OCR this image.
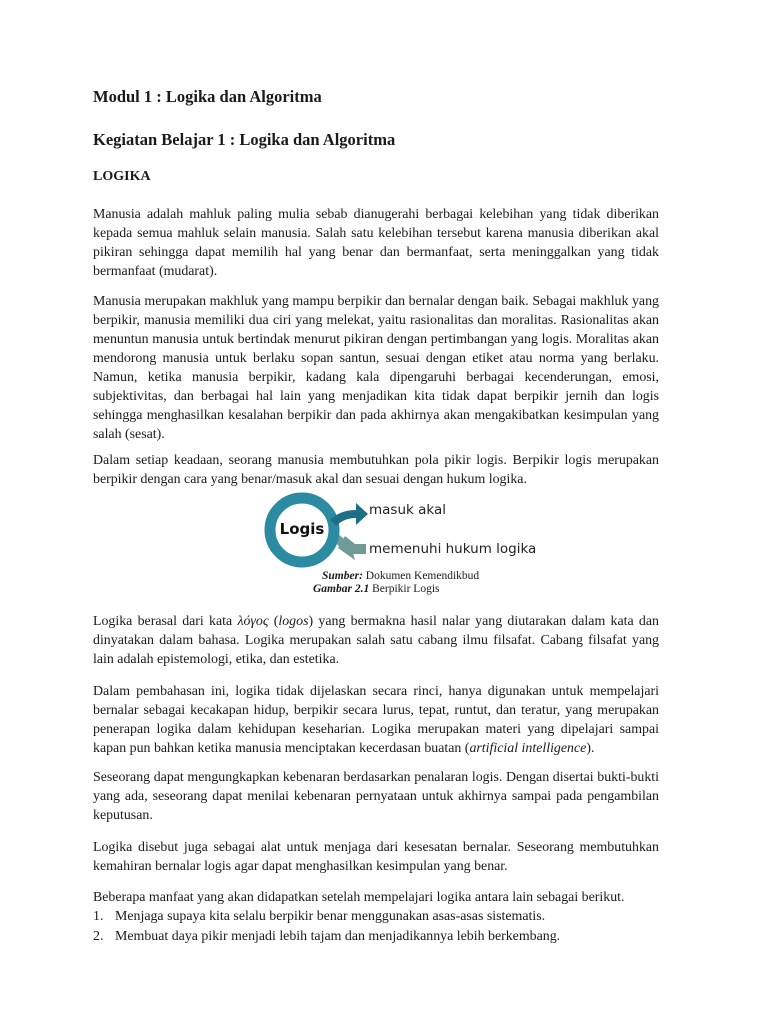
Modul 1 : Logika dan Algoritma
Kegiatan Belajar 1 : Logika dan Algoritma
LOGIKA

Manusia adalah mahluk paling mulia sebab dianugerahi berbagai kelebihan yang tidak diberikan kepada semua mahluk selain manusia. Salah satu kelebihan tersebut karena manusia diberikan akal pikiran sehingga dapat memilih hal yang benar dan bermanfaat, serta meninggalkan yang tidak bermanfaat (mudarat).

Manusia merupakan makhluk yang mampu berpikir dan bernalar dengan baik. Sebagai makhluk yang berpikir, manusia memiliki dua ciri yang melekat, yaitu rasionalitas dan moralitas. Rasionalitas akan menuntun manusia untuk bertindak menurut pikiran dengan pertimbangan yang logis. Moralitas akan mendorong manusia untuk berlaku sopan santun, sesuai dengan etiket atau norma yang berlaku. Namun, ketika manusia berpikir, kadang kala dipengaruhi berbagai kecenderungan, emosi, subjektivitas, dan berbagai hal lain yang menjadikan kita tidak dapat berpikir jernih dan logis sehingga menghasilkan kesalahan berpikir dan pada akhirnya akan mengakibatkan kesimpulan yang salah (sesat).

Dalam setiap keadaan, seorang manusia membutuhkan pola pikir logis. Berpikir logis merupakan berpikir dengan cara yang benar/masuk akal dan sesuai dengan hukum logika.

Logika berasal dari kata λόγος (logos) yang bermakna hasil nalar yang diutarakan dalam kata dan dinyatakan dalam bahasa. Logika merupakan salah satu cabang ilmu filsafat. Cabang filsafat yang lain adalah epistemologi, etika, dan estetika.

Dalam pembahasan ini, logika tidak dijelaskan secara rinci, hanya digunakan untuk mempelajari bernalar sebagai kecakapan hidup, berpikir secara lurus, tepat, runtut, dan teratur, yang merupakan penerapan logika dalam kehidupan keseharian. Logika merupakan materi yang dipelajari sampai kapan pun bahkan ketika manusia menciptakan kecerdasan buatan (artificial intelligence).

Seseorang dapat mengungkapkan kebenaran berdasarkan penalaran logis. Dengan disertai bukti-bukti yang ada, seseorang dapat menilai kebenaran pernyataan untuk akhirnya sampai pada pengambilan keputusan.

Logika disebut juga sebagai alat untuk menjaga dari kesesatan bernalar. Seseorang membutuhkan kemahiran bernalar logis agar dapat menghasilkan kesimpulan yang benar.

Beberapa manfaat yang akan didapatkan setelah mempelajari logika antara lain sebagai berikut.

1. Menjaga supaya kita selalu berpikir benar menggunakan asas-asas sistematis.
2. Membuat daya pikir menjadi lebih tajam dan menjadikannya lebih berkembang.
Logis
masuk akal
memenuhi hukum logika
Sumber: Dokumen Kemendikbud
Gambar 2.1 Berpikir Logis
